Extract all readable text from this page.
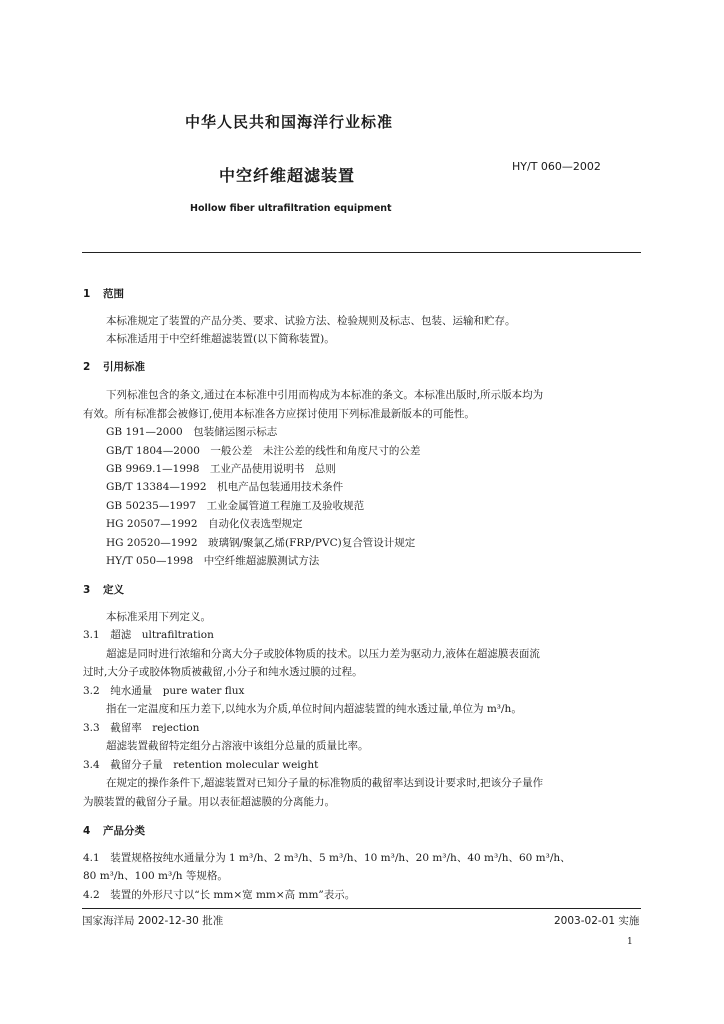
中华人民共和国海洋行业标准
HY/T 060—2002
中空纤维超滤装置
Hollow fiber ultrafiltration equipment
1 范围
本标准规定了装置的产品分类、要求、试验方法、检验规则及标志、包装、运输和贮存。
本标准适用于中空纤维超滤装置(以下简称装置)。
2 引用标准
下列标准包含的条文,通过在本标准中引用而构成为本标准的条文。本标准出版时,所示版本均为
有效。所有标准都会被修订,使用本标准各方应探讨使用下列标准最新版本的可能性。
GB 191—2000　包装储运图示标志
GB/T 1804—2000　一般公差　未注公差的线性和角度尺寸的公差
GB 9969.1—1998　工业产品使用说明书　总则
GB/T 13384—1992　机电产品包装通用技术条件
GB 50235—1997　工业金属管道工程施工及验收规范
HG 20507—1992　自动化仪表选型规定
HG 20520—1992　玻璃钢/聚氯乙烯(FRP/PVC)复合管设计规定
HY/T 050—1998　中空纤维超滤膜测试方法
3 定义
本标准采用下列定义。
3.1　超滤　ultrafiltration
超滤是同时进行浓缩和分离大分子或胶体物质的技术。以压力差为驱动力,液体在超滤膜表面流
过时,大分子或胶体物质被截留,小分子和纯水透过膜的过程。
3.2　纯水通量　pure water flux
指在一定温度和压力差下,以纯水为介质,单位时间内超滤装置的纯水透过量,单位为 m³/h。
3.3　截留率　rejection
超滤装置截留特定组分占溶液中该组分总量的质量比率。
3.4　截留分子量　retention molecular weight
在规定的操作条件下,超滤装置对已知分子量的标准物质的截留率达到设计要求时,把该分子量作
为膜装置的截留分子量。用以表征超滤膜的分离能力。
4 产品分类
4.1　装置规格按纯水通量分为 1 m³/h、2 m³/h、5 m³/h、10 m³/h、20 m³/h、40 m³/h、60 m³/h、
80 m³/h、100 m³/h 等规格。
4.2　装置的外形尺寸以“长 mm×宽 mm×高 mm”表示。
国家海洋局 2002-12-30 批准	2003-02-01 实施
1
